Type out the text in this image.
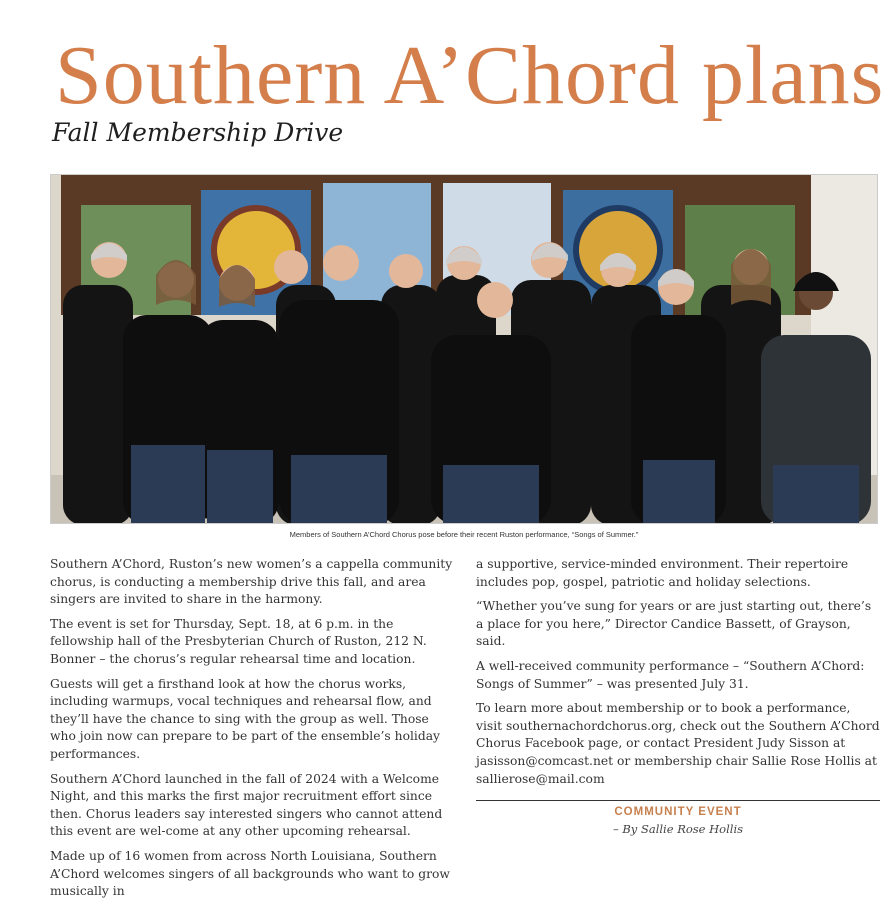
Southern A’Chord plans
Fall Membership Drive
Members of Southern A’Chord Chorus pose before their recent Ruston performance, “Songs of Summer.”

Southern A’Chord, Ruston’s new women’s a cappella community chorus, is conducting a membership drive this fall, and area singers are invited to share in the harmony.

The event is set for Thursday, Sept. 18, at 6 p.m. in the fellowship hall of the Presbyterian Church of Ruston, 212 N. Bonner – the chorus’s regular rehearsal time and location.

Guests will get a firsthand look at how the chorus works, including warmups, vocal techniques and rehearsal flow, and they’ll have the chance to sing with the group as well. Those who join now can prepare to be part of the ensemble’s holiday performances.

Southern A’Chord launched in the fall of 2024 with a Welcome Night, and this marks the first major recruitment effort since then. Chorus leaders say interested singers who cannot attend this event are wel-come at any other upcoming rehearsal.

Made up of 16 women from across North Louisiana, Southern A’Chord welcomes singers of all backgrounds who want to grow musically in

a supportive, service-minded environment. Their repertoire includes pop, gospel, patriotic and holiday selections.

“Whether you’ve sung for years or are just starting out, there’s a place for you here,” Director Candice Bassett, of Grayson, said.

A well-received community performance – “Southern A’Chord: Songs of Summer” – was presented July 31.

To learn more about membership or to book a performance, visit southernachordchorus.org, check out the Southern A’Chord Chorus Facebook page, or contact President Judy Sisson at jasisson@comcast.net or membership chair Sallie Rose Hollis at sallierose@mail.com

COMMUNITY EVENT
– By Sallie Rose Hollis
